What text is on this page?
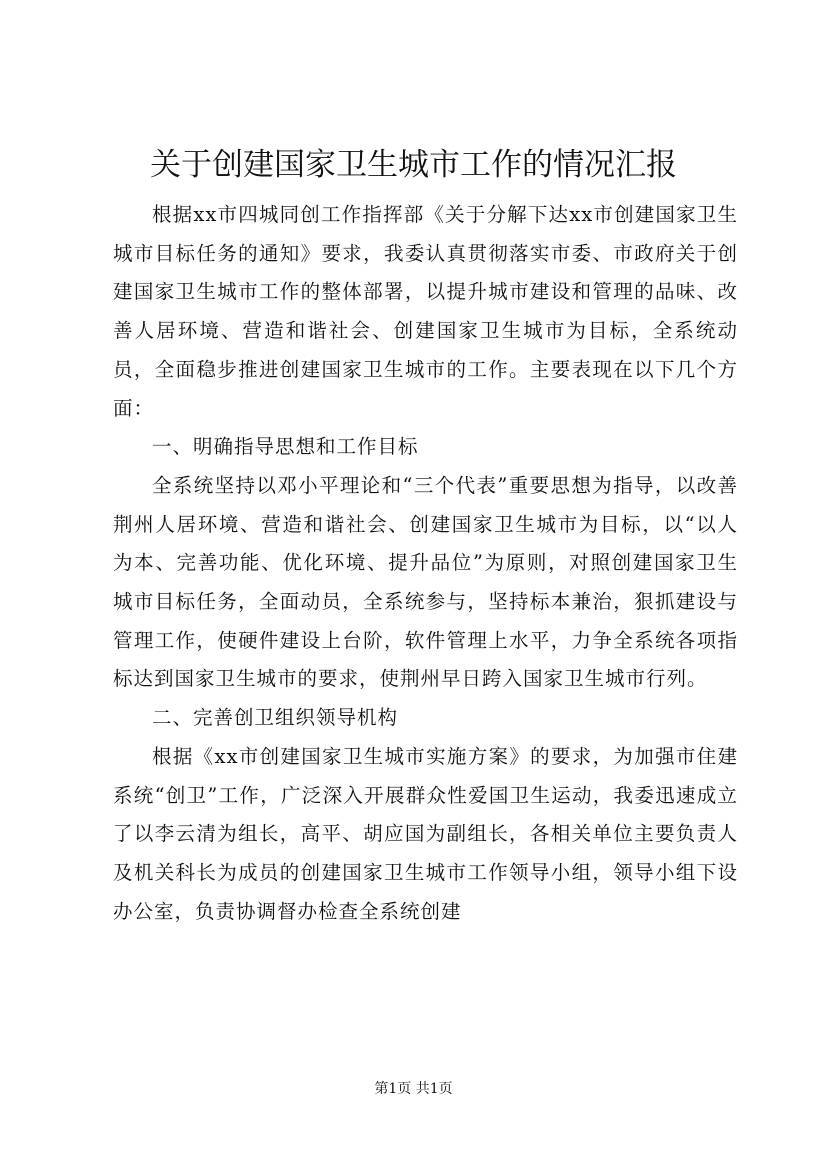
关于创建国家卫生城市工作的情况汇报

根据xx市四城同创工作指挥部《关于分解下达xx市创建国家卫生城市目标任务的通知》要求，我委认真贯彻落实市委、市政府关于创建国家卫生城市工作的整体部署，以提升城市建设和管理的品味、改善人居环境、营造和谐社会、创建国家卫生城市为目标，全系统动员，全面稳步推进创建国家卫生城市的工作。主要表现在以下几个方面：

一、明确指导思想和工作目标

全系统坚持以邓小平理论和“三个代表”重要思想为指导，以改善荆州人居环境、营造和谐社会、创建国家卫生城市为目标，以“以人为本、完善功能、优化环境、提升品位”为原则，对照创建国家卫生城市目标任务，全面动员，全系统参与，坚持标本兼治，狠抓建设与管理工作，使硬件建设上台阶，软件管理上水平，力争全系统各项指标达到国家卫生城市的要求，使荆州早日跨入国家卫生城市行列。

二、完善创卫组织领导机构

根据《xx市创建国家卫生城市实施方案》的要求，为加强市住建系统“创卫”工作，广泛深入开展群众性爱国卫生运动，我委迅速成立了以李云清为组长，高平、胡应国为副组长，各相关单位主要负责人及机关科长为成员的创建国家卫生城市工作领导小组，领导小组下设办公室，负责协调督办检查全系统创建

第1页 共1页
